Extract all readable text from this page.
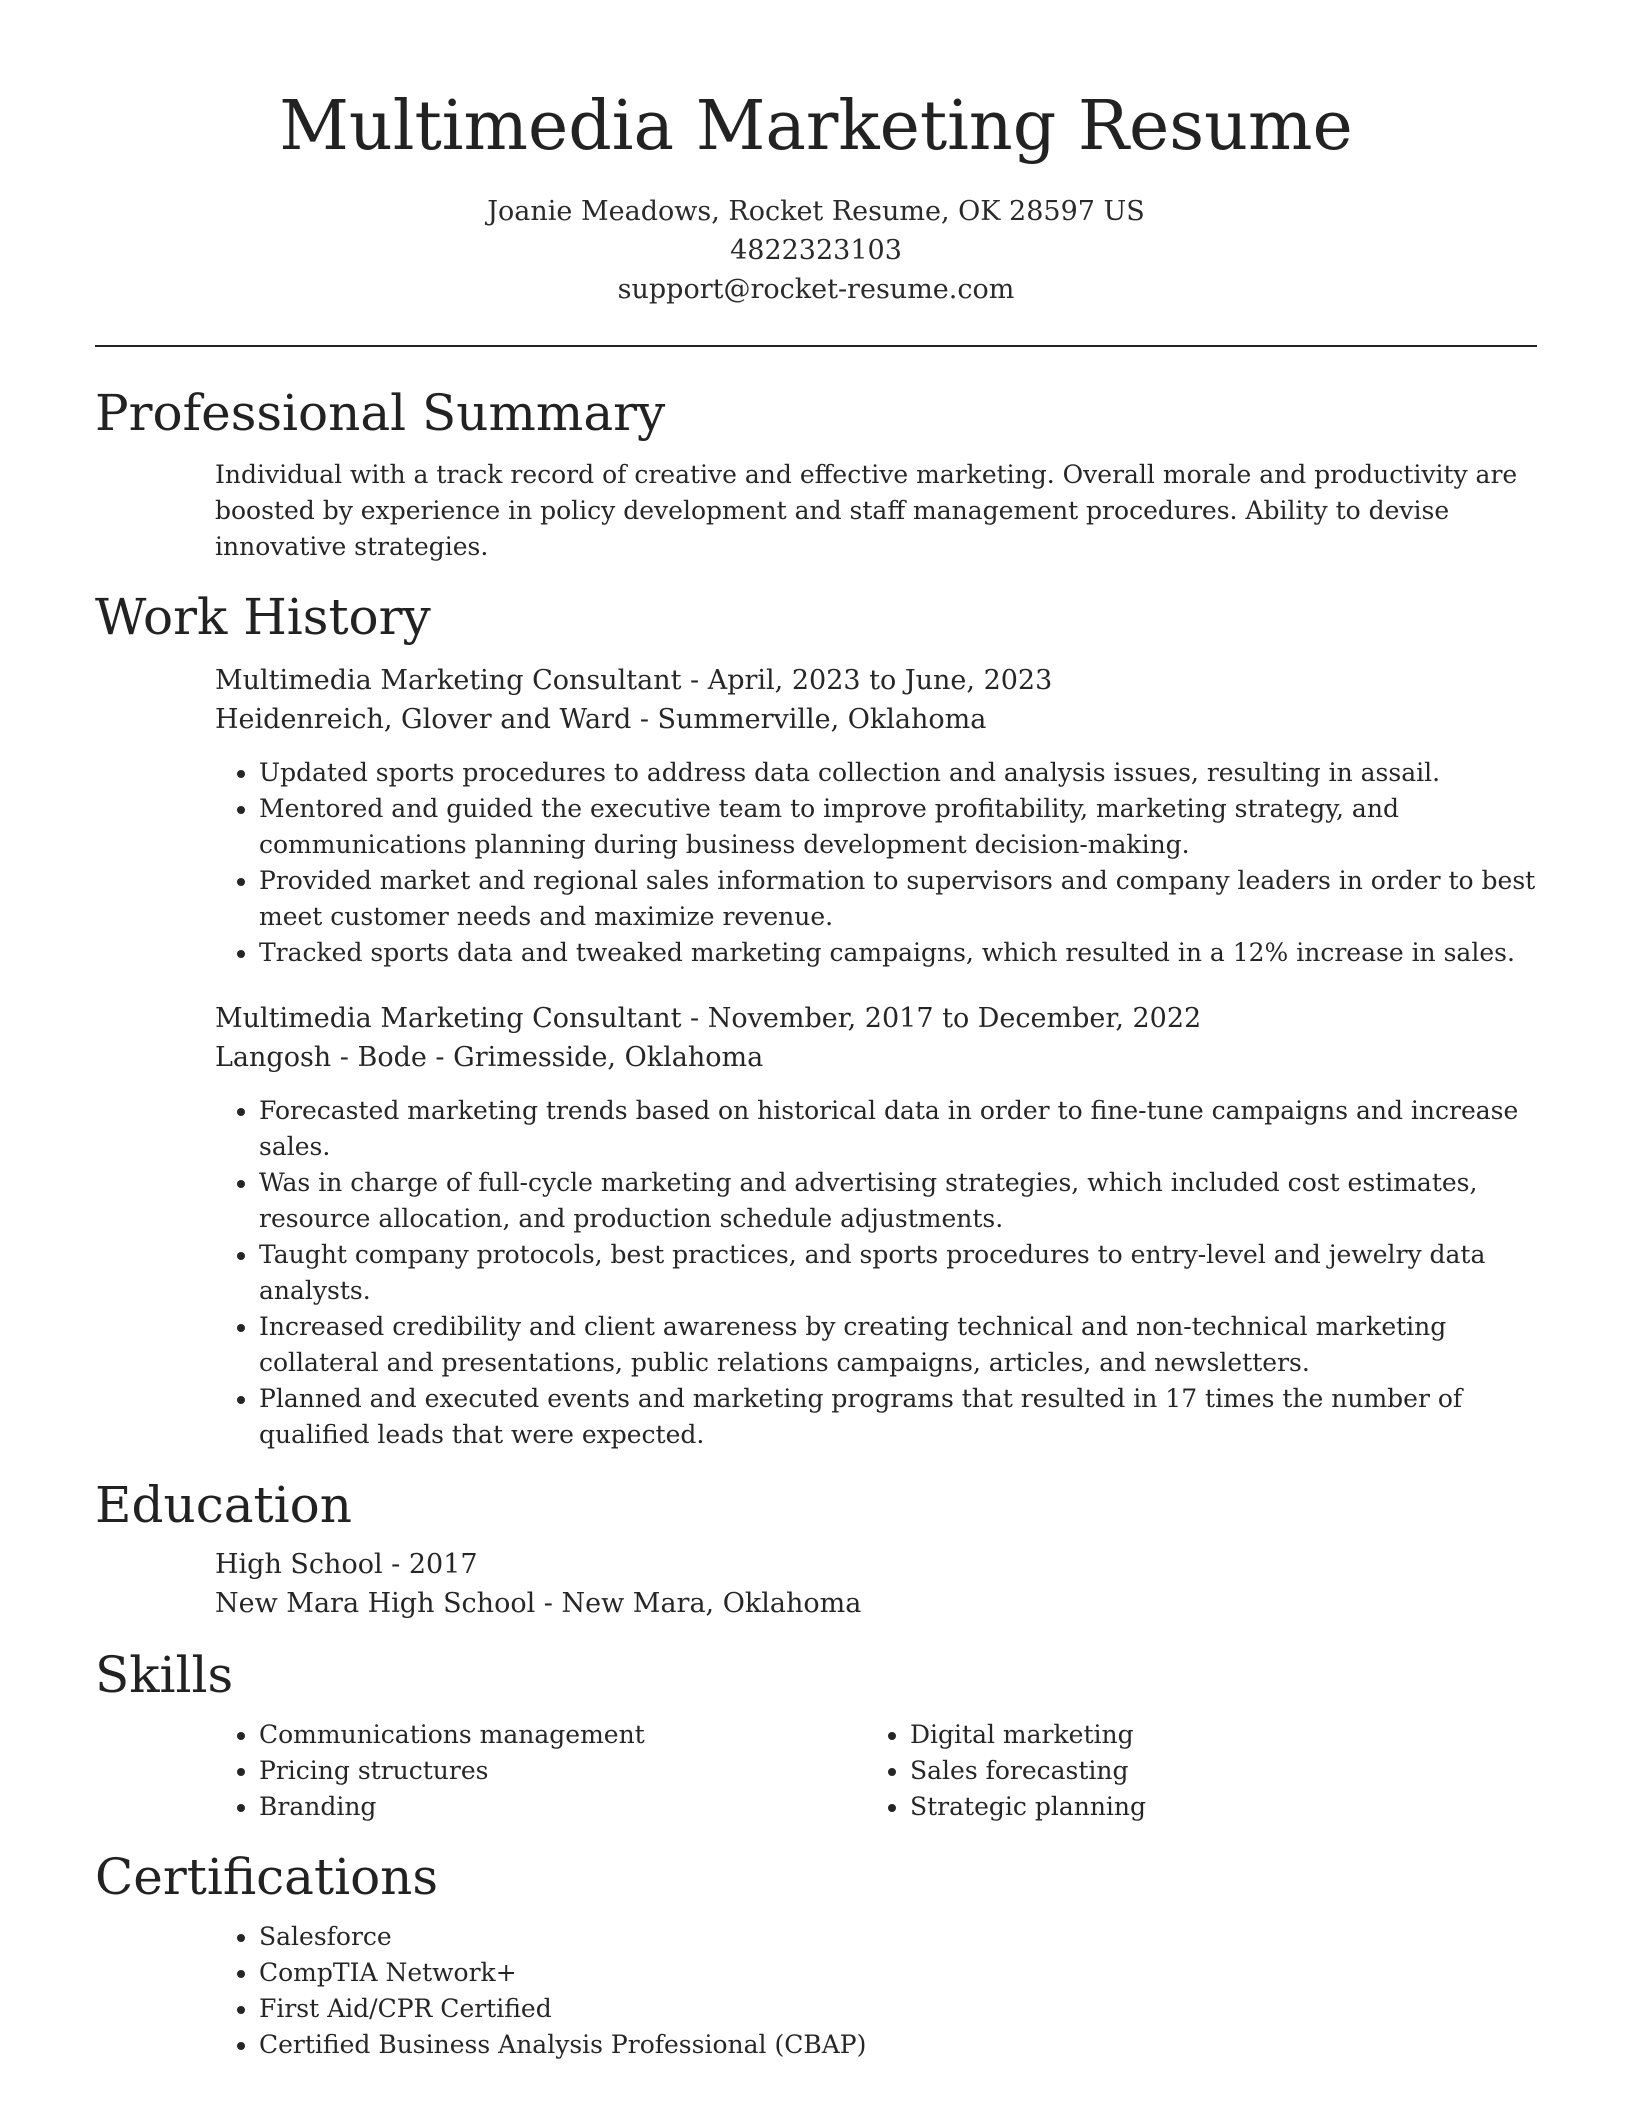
Multimedia Marketing Resume
Joanie Meadows, Rocket Resume, OK 28597 US
4822323103
support@rocket-resume.com
Professional Summary

Individual with a track record of creative and effective marketing. Overall morale and productivity are boosted by experience in policy development and staff management procedures. Ability to devise innovative strategies.

Work History
Multimedia Marketing Consultant - April, 2023 to June, 2023
Heidenreich, Glover and Ward - Summerville, Oklahoma
• Updated sports procedures to address data collection and analysis issues, resulting in assail.
• Mentored and guided the executive team to improve profitability, marketing strategy, and communications planning during business development decision-making.
• Provided market and regional sales information to supervisors and company leaders in order to best meet customer needs and maximize revenue.
• Tracked sports data and tweaked marketing campaigns, which resulted in a 12% increase in sales.
Multimedia Marketing Consultant - November, 2017 to December, 2022
Langosh - Bode - Grimesside, Oklahoma
• Forecasted marketing trends based on historical data in order to fine-tune campaigns and increase sales.
• Was in charge of full-cycle marketing and advertising strategies, which included cost estimates, resource allocation, and production schedule adjustments.
• Taught company protocols, best practices, and sports procedures to entry-level and jewelry data analysts.
• Increased credibility and client awareness by creating technical and non-technical marketing collateral and presentations, public relations campaigns, articles, and newsletters.
• Planned and executed events and marketing programs that resulted in 17 times the number of qualified leads that were expected.
Education
High School - 2017
New Mara High School - New Mara, Oklahoma
Skills
• Communications management
• Pricing structures
• Branding
• Digital marketing
• Sales forecasting
• Strategic planning
Certifications
• Salesforce
• CompTIA Network+
• First Aid/CPR Certified
• Certified Business Analysis Professional (CBAP)
